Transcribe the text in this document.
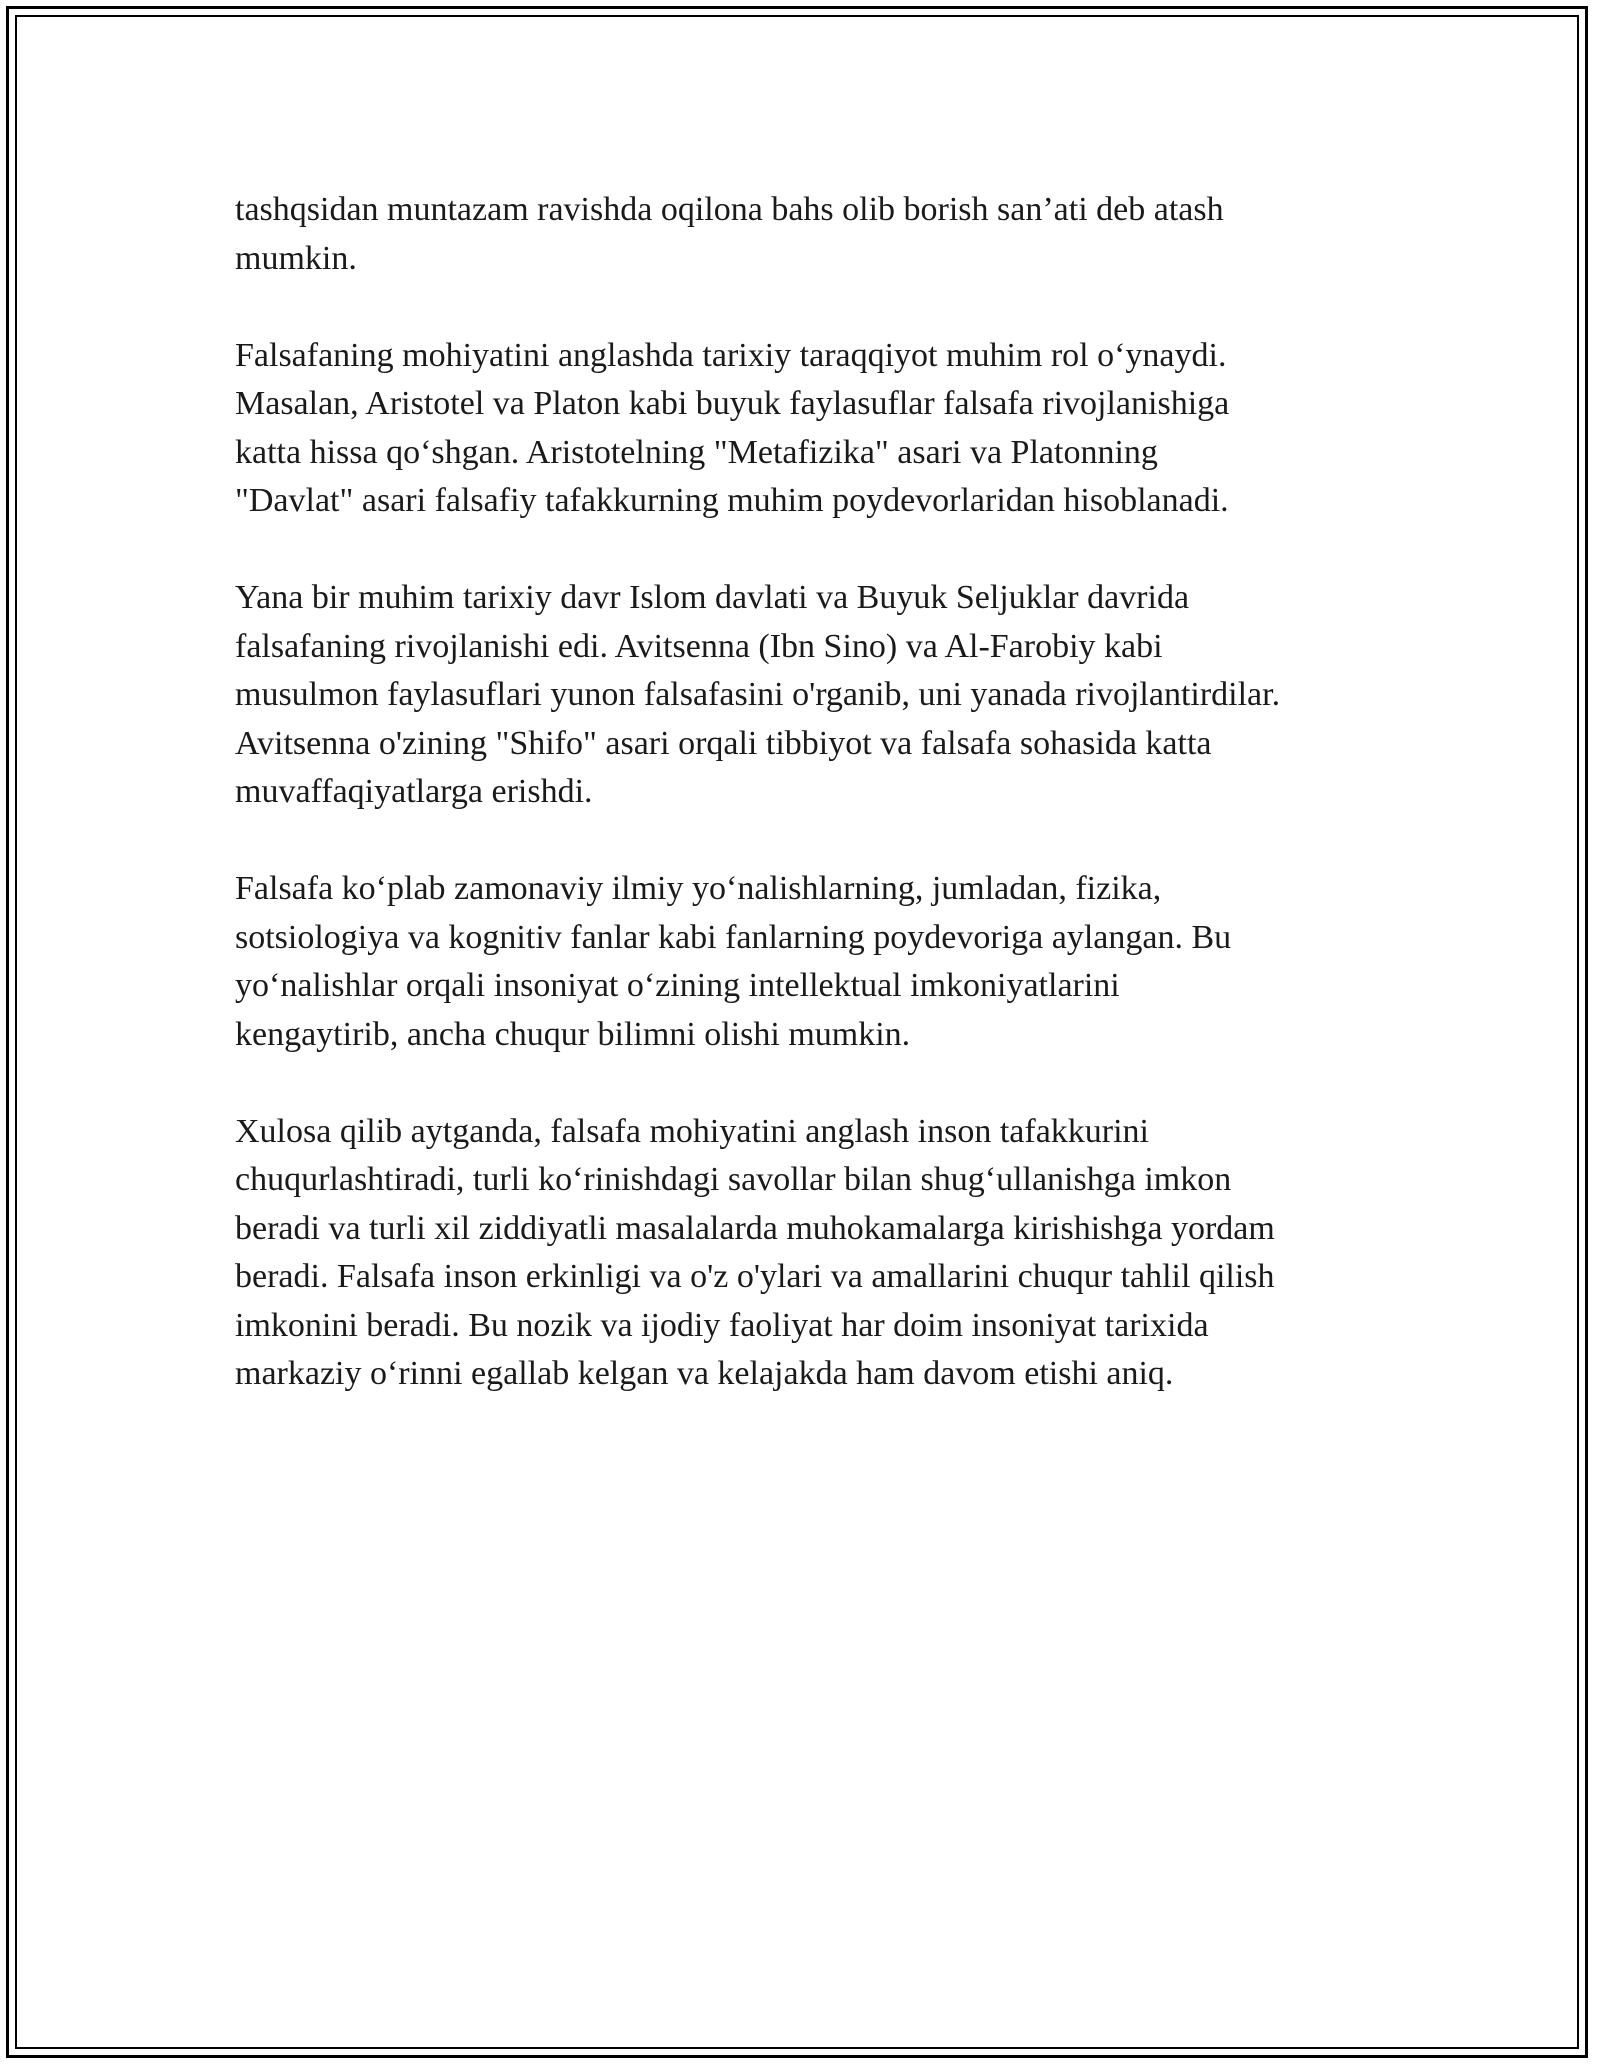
tashqsidan muntazam ravishda oqilona bahs olib borish san’ati deb atash
mumkin.

Falsafaning mohiyatini anglashda tarixiy taraqqiyot muhim rol o‘ynaydi.
Masalan, Aristotel va Platon kabi buyuk faylasuflar falsafa rivojlanishiga
katta hissa qo‘shgan. Aristotelning "Metafizika" asari va Platonning
"Davlat" asari falsafiy tafakkurning muhim poydevorlaridan hisoblanadi.

Yana bir muhim tarixiy davr Islom davlati va Buyuk Seljuklar davrida
falsafaning rivojlanishi edi. Avitsenna (Ibn Sino) va Al-Farobiy kabi
musulmon faylasuflari yunon falsafasini o'rganib, uni yanada rivojlantirdilar.
Avitsenna o'zining "Shifo" asari orqali tibbiyot va falsafa sohasida katta
muvaffaqiyatlarga erishdi.

Falsafa ko‘plab zamonaviy ilmiy yo‘nalishlarning, jumladan, fizika,
sotsiologiya va kognitiv fanlar kabi fanlarning poydevoriga aylangan. Bu
yo‘nalishlar orqali insoniyat o‘zining intellektual imkoniyatlarini
kengaytirib, ancha chuqur bilimni olishi mumkin.

Xulosa qilib aytganda, falsafa mohiyatini anglash inson tafakkurini
chuqurlashtiradi, turli ko‘rinishdagi savollar bilan shug‘ullanishga imkon
beradi va turli xil ziddiyatli masalalarda muhokamalarga kirishishga yordam
beradi. Falsafa inson erkinligi va o'z o'ylari va amallarini chuqur tahlil qilish
imkonini beradi. Bu nozik va ijodiy faoliyat har doim insoniyat tarixida
markaziy o‘rinni egallab kelgan va kelajakda ham davom etishi aniq.
